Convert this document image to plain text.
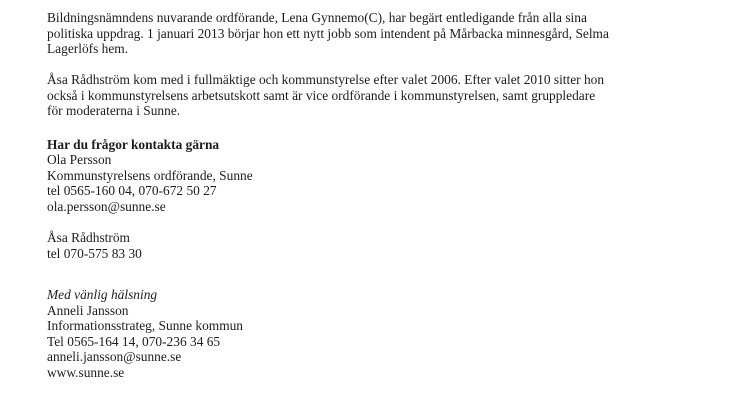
Bildningsnämndens nuvarande ordförande, Lena Gynnemo(C), har begärt entledigande från alla sina
politiska uppdrag. 1 januari 2013 börjar hon ett nytt jobb som intendent på Mårbacka minnesgård, Selma
Lagerlöfs hem.
Åsa Rådhström kom med i fullmäktige och kommunstyrelse efter valet 2006. Efter valet 2010 sitter hon
också i kommunstyrelsens arbetsutskott samt är vice ordförande i kommunstyrelsen, samt gruppledare
för moderaterna i Sunne.
Har du frågor kontakta gärna
Ola Persson
Kommunstyrelsens ordförande, Sunne
tel 0565-160 04, 070-672 50 27
ola.persson@sunne.se
Åsa Rådhström
tel 070-575 83 30
Med vänlig hälsning
Anneli Jansson
Informationsstrateg, Sunne kommun
Tel 0565-164 14, 070-236 34 65
anneli.jansson@sunne.se
www.sunne.se
